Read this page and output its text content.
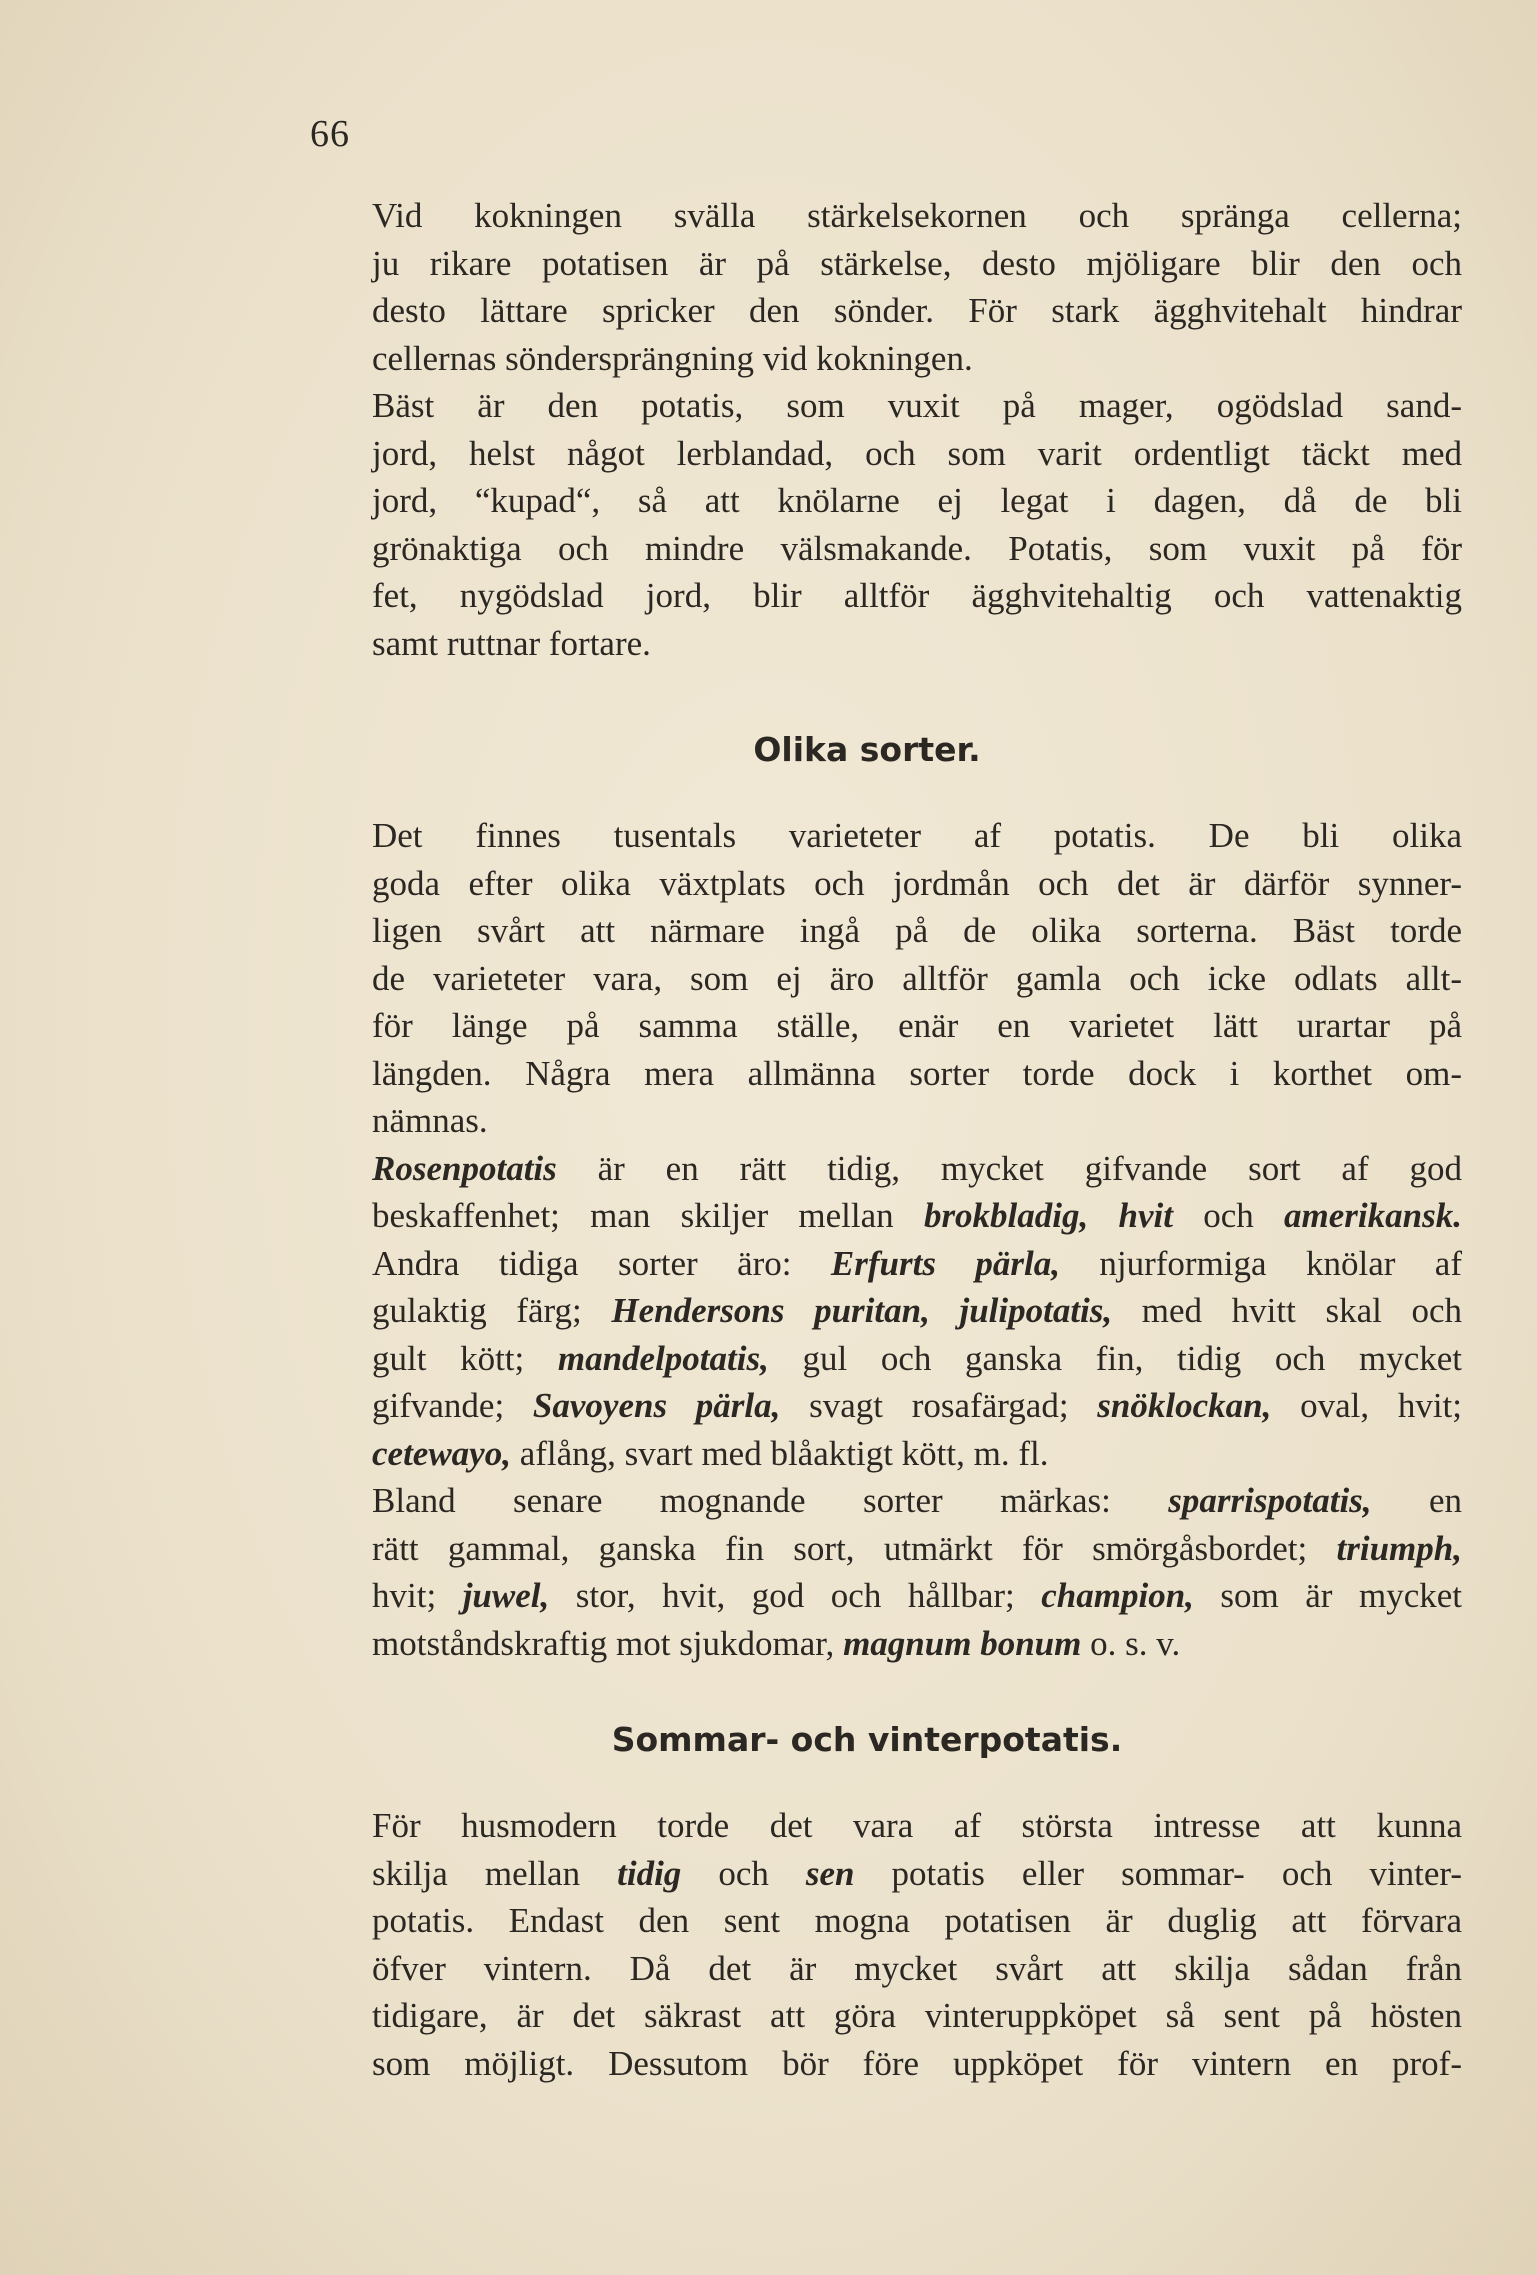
66

Vid kokningen svälla stärkelsekornen och spränga cellerna;
ju rikare potatisen är på stärkelse, desto mjöligare blir den och
desto lättare spricker den sönder. För stark ägghvitehalt hindrar
cellernas söndersprängning vid kokningen.

Bäst är den potatis, som vuxit på mager, ogödslad sand-
jord, helst något lerblandad, och som varit ordentligt täckt med
jord, “kupad“, så att knölarne ej legat i dagen, då de bli
grönaktiga och mindre välsmakande. Potatis, som vuxit på för
fet, nygödslad jord, blir alltför ägghvitehaltig och vattenaktig
samt ruttnar fortare.

Olika sorter.

Det finnes tusentals varieteter af potatis. De bli olika
goda efter olika växtplats och jordmån och det är därför synner-
ligen svårt att närmare ingå på de olika sorterna. Bäst torde
de varieteter vara, som ej äro alltför gamla och icke odlats allt-
för länge på samma ställe, enär en varietet lätt urartar på
längden. Några mera allmänna sorter torde dock i korthet om-
nämnas.

Rosenpotatis är en rätt tidig, mycket gifvande sort af god
beskaffenhet; man skiljer mellan brokbladig, hvit och amerikansk.
Andra tidiga sorter äro: Erfurts pärla, njurformiga knölar af
gulaktig färg; Hendersons puritan, julipotatis, med hvitt skal och
gult kött; mandelpotatis, gul och ganska fin, tidig och mycket
gifvande; Savoyens pärla, svagt rosafärgad; snöklockan, oval, hvit;
cetewayo, aflång, svart med blåaktigt kött, m. fl.

Bland senare mognande sorter märkas: sparrispotatis, en
rätt gammal, ganska fin sort, utmärkt för smörgåsbordet; triumph,
hvit; juwel, stor, hvit, god och hållbar; champion, som är mycket
motståndskraftig mot sjukdomar, magnum bonum o. s. v.

Sommar- och vinterpotatis.

För husmodern torde det vara af största intresse att kunna
skilja mellan tidig och sen potatis eller sommar- och vinter-
potatis. Endast den sent mogna potatisen är duglig att förvara
öfver vintern. Då det är mycket svårt att skilja sådan från
tidigare, är det säkrast att göra vinteruppköpet så sent på hösten
som möjligt. Dessutom bör före uppköpet för vintern en prof-
